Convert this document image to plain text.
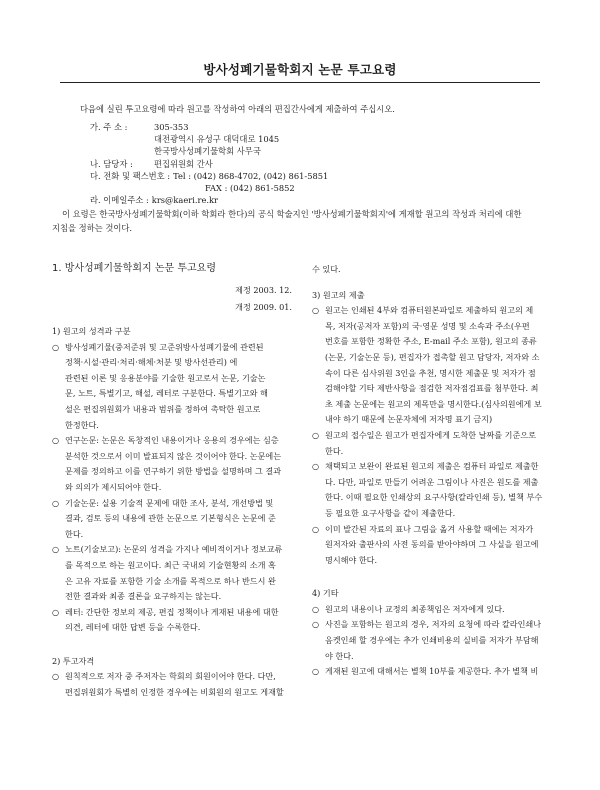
방사성폐기물학회지 논문 투고요령
다음에 실린 투고요령에 따라 원고를 작성하여 아래의 편집간사에게 제출하여 주십시오.
가. 주 소 :	305-353
대전광역시 유성구 대덕대로 1045
한국방사성폐기물학회 사무국
나. 담당자 :	편집위원회 간사
다. 전화 및 팩스번호 : Tel : (042) 868-4702, (042) 861-5851
FAX : (042) 861-5852
라. 이메일주소 : krs@kaeri.re.kr
이 요령은 한국방사성폐기물학회(이하 학회라 한다)의 공식 학술지인 '방사성폐기물학회지'에 게재할 원고의 작성과 처리에 대한
지침을 정하는 것이다.
1. 방사성폐기물학회지 논문 투고요령
제정 2003. 12.
개정 2009. 01.
1) 원고의 성격과 구분
○ 방사성폐기물(중저준위 및 고준위방사성폐기물에 관련된
정책·시설·관리·처리·해체·처분 및 방사선관리) 에
관련된 이론 및 응용분야를 기술한 원고로서 논문, 기술논
문, 노트, 특별기고, 해설, 레터로 구분한다. 특별기고와 해
설은 편집위원회가 내용과 범위를 정하여 촉탁한 원고로
한정한다.
○ 연구논문: 논문은 독창적인 내용이거나 응용의 경우에는 심층
분석한 것으로서 이미 발표되지 않은 것이어야 한다. 논문에는
문제를 정의하고 이를 연구하기 위한 방법을 설명하며 그 결과
와 의의가 제시되어야 한다.
○ 기술논문: 실용 기술적 문제에 대한 조사, 분석, 개선방법 및
결과, 검토 등의 내용에 관한 논문으로 기본형식은 논문에 준
한다.
○ 노트(기술보고): 논문의 성격을 가지나 예비적이거나 정보교류
를 목적으로 하는 원고이다. 최근 국내외 기술현황의 소개 혹
은 고유 자료를 포함한 기술 소개를 목적으로 하나 반드시 완
전한 결과와 최종 결론을 요구하지는 않는다.
○ 레터: 간단한 정보의 제공, 편집 정책이나 게재된 내용에 대한
의견, 레터에 대한 답변 등을 수록한다.
2) 투고자격
○ 원칙적으로 저자 중 주저자는 학회의 회원이어야 한다. 다만,
편집위원회가 특별히 인정한 경우에는 비회원의 원고도 게재할
수 있다.
3) 원고의 제출
○ 원고는 인쇄된 4부와 컴퓨터원본파일로 제출하되 원고의 제
목, 저자(공저자 포함)의 국·영문 성명 및 소속과 주소(우편
번호를 포함한 정확한 주소, E-mail 주소 포함), 원고의 종류
(논문, 기술논문 등), 편집자가 접촉할 원고 담당자, 저자와 소
속이 다른 심사위원 3인을 추천, 명시한 제출문 및 저자가 점
검해야할 기타 제반사항을 점검한 저자점검표를 첨부한다. 최
초 제출 논문에는 원고의 제목만을 명시한다.(심사의원에게 보
내야 하기 때문에 논문자체에 저자명 표기 금지)
○ 원고의 접수일은 원고가 편집자에게 도착한 날짜를 기준으로
한다.
○ 채택되고 보완이 완료된 원고의 제출은 컴퓨터 파일로 제출한
다. 다만, 파일로 만들기 어려운 그림이나 사진은 원도를 제출
한다. 이때 필요한 인쇄상의 요구사항(칼라인쇄 등), 별책 부수
등 필요한 요구사항을 같이 제출한다.
○ 이미 발간된 자료의 표나 그림을 옮겨 사용할 때에는 저자가
원저자와 출판사의 사전 동의를 받아야하며 그 사실을 원고에
명시해야 한다.
4) 기타
○ 원고의 내용이나 교정의 최종책임은 저자에게 있다.
○ 사진을 포함하는 원고의 경우, 저자의 요청에 따라 칼라인쇄나
음켓인쇄 할 경우에는 추가 인쇄비용의 실비를 저자가 부담해
야 한다.
○ 게재된 원고에 대해서는 별책 10부를 제공한다. 추가 별책 비
